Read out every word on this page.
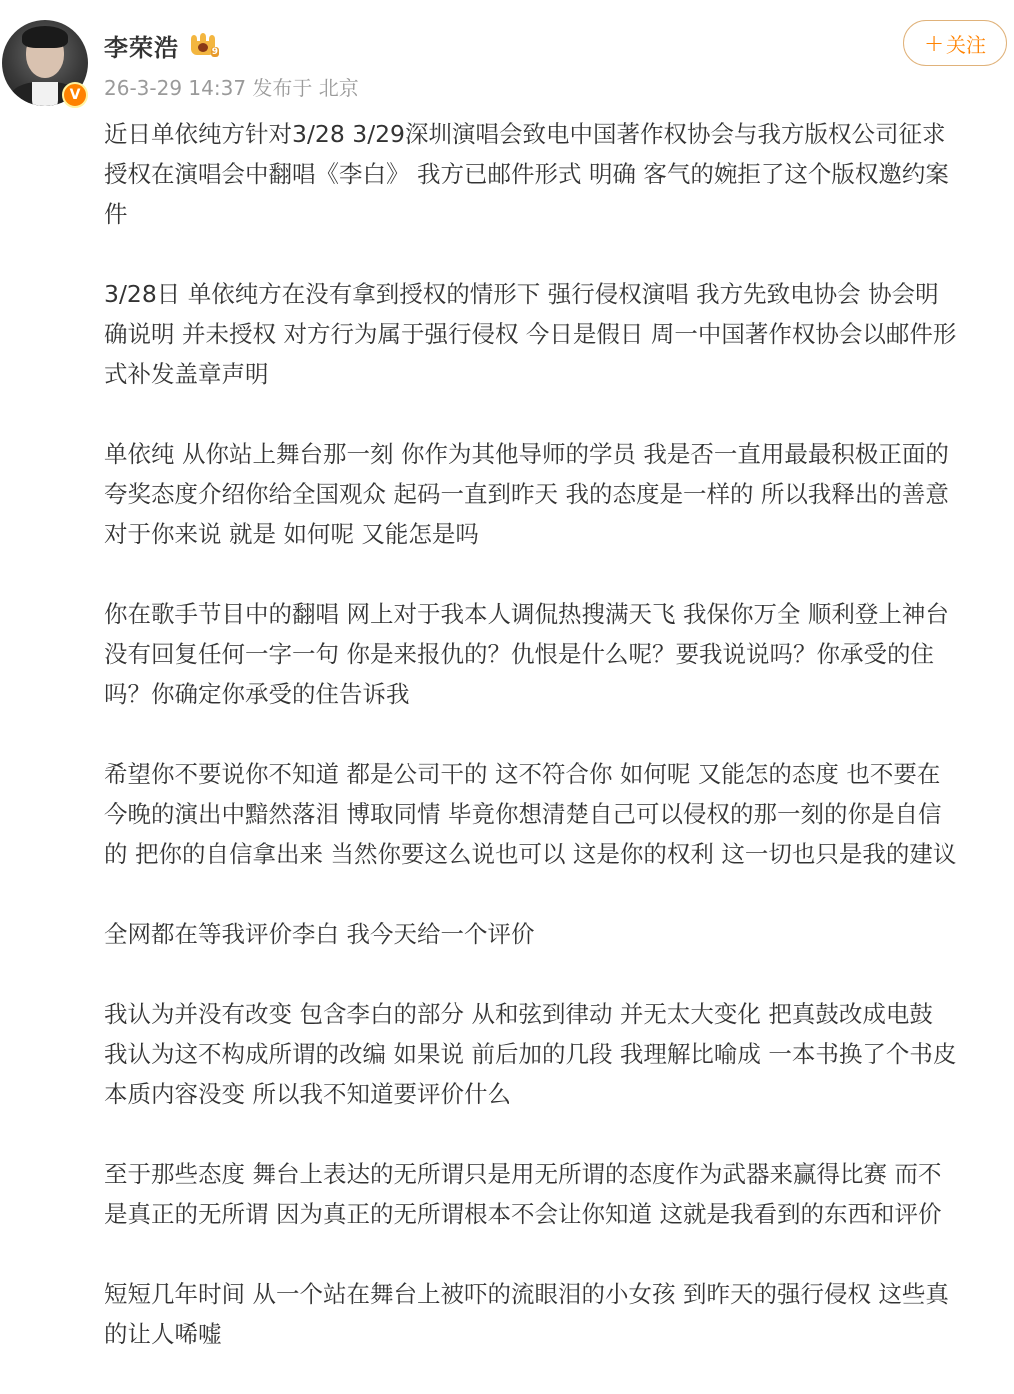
V
李荣浩	9
26-3-29 14:37 发布于 北京
+ 关注

近日单依纯方针对3/28 3/29深圳演唱会致电中国著作权协会与我方版权公司征求
授权在演唱会中翻唱《李白》 我方已邮件形式 明确 客气的婉拒了这个版权邀约案
件

3/28日 单依纯方在没有拿到授权的情形下 强行侵权演唱 我方先致电协会 协会明
确说明 并未授权 对方行为属于强行侵权 今日是假日 周一中国著作权协会以邮件形
式补发盖章声明

单依纯 从你站上舞台那一刻 你作为其他导师的学员 我是否一直用最最积极正面的
夸奖态度介绍你给全国观众 起码一直到昨天 我的态度是一样的 所以我释出的善意
对于你来说 就是 如何呢 又能怎是吗

你在歌手节目中的翻唱 网上对于我本人调侃热搜满天飞 我保你万全 顺利登上神台
没有回复任何一字一句 你是来报仇的？仇恨是什么呢？要我说说吗？你承受的住
吗？你确定你承受的住告诉我

希望你不要说你不知道 都是公司干的 这不符合你 如何呢 又能怎的态度 也不要在
今晚的演出中黯然落泪 博取同情 毕竟你想清楚自己可以侵权的那一刻的你是自信
的 把你的自信拿出来 当然你要这么说也可以 这是你的权利 这一切也只是我的建议

全网都在等我评价李白 我今天给一个评价

我认为并没有改变 包含李白的部分 从和弦到律动 并无太大变化 把真鼓改成电鼓
我认为这不构成所谓的改编 如果说 前后加的几段 我理解比喻成 一本书换了个书皮
本质内容没变 所以我不知道要评价什么

至于那些态度 舞台上表达的无所谓只是用无所谓的态度作为武器来赢得比赛 而不
是真正的无所谓 因为真正的无所谓根本不会让你知道 这就是我看到的东西和评价

短短几年时间 从一个站在舞台上被吓的流眼泪的小女孩 到昨天的强行侵权 这些真
的让人唏嘘
